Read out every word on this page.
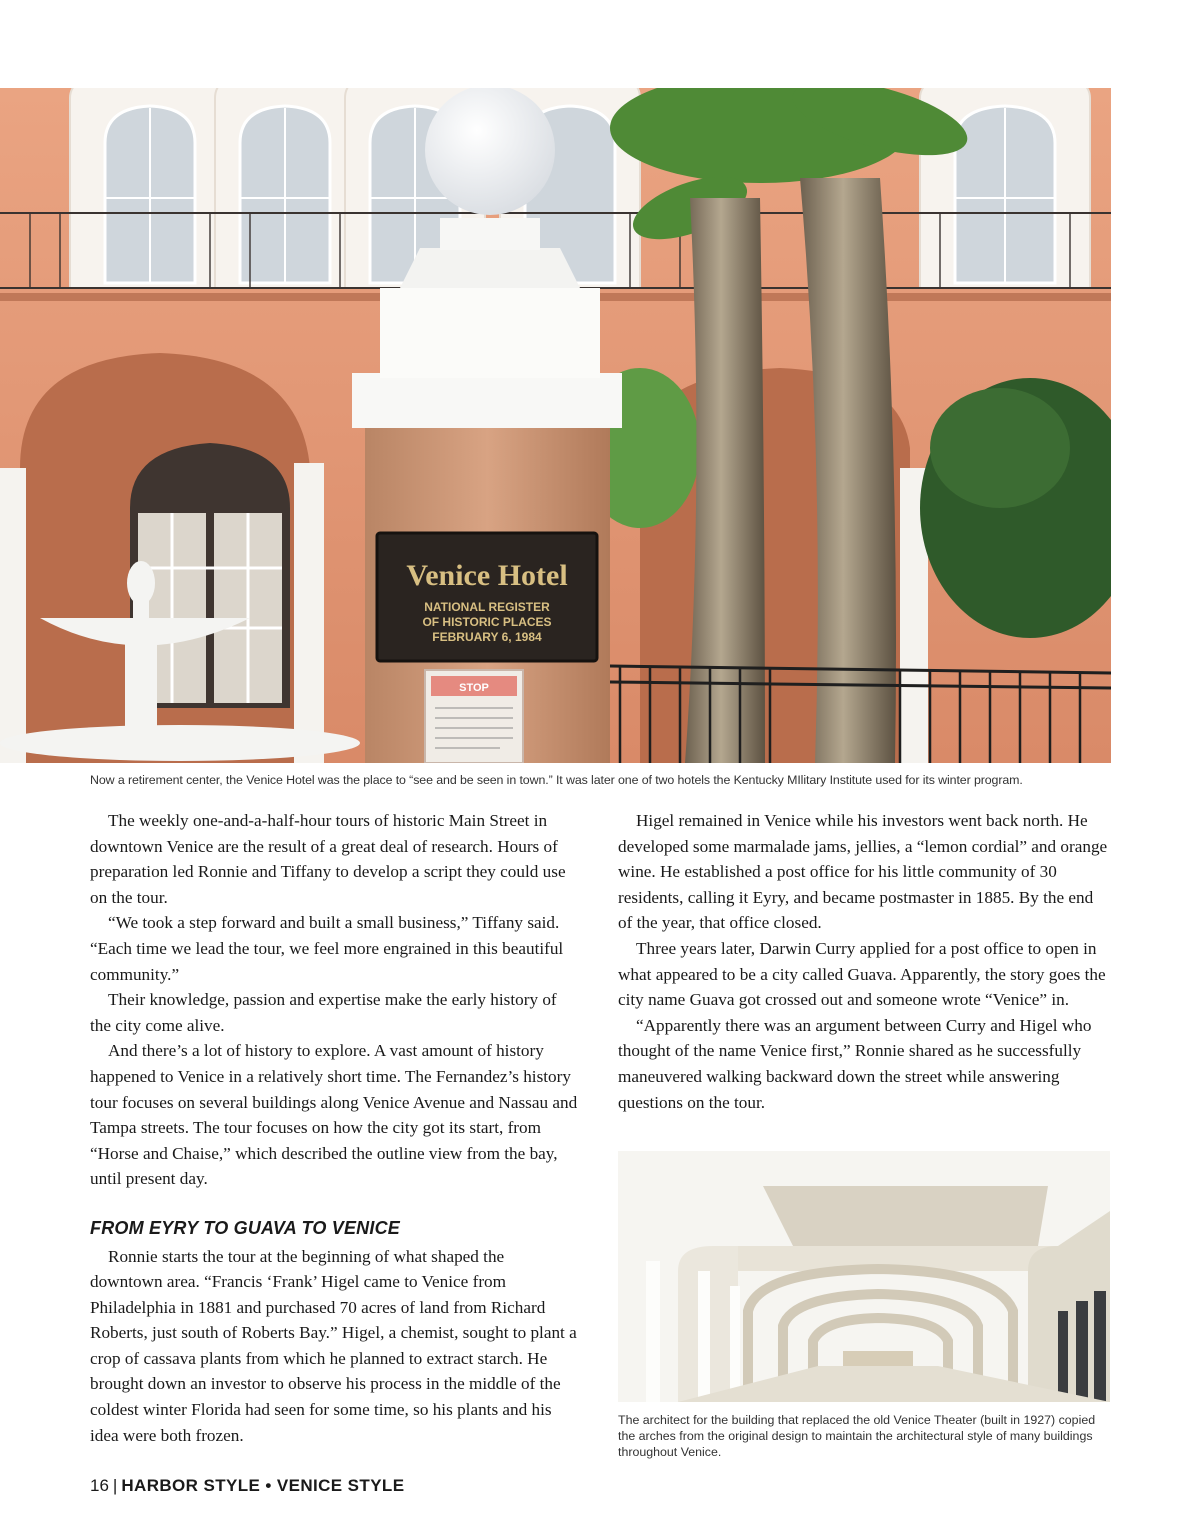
Venice Hotel
NATIONAL REGISTER
OF HISTORIC PLACES
FEBRUARY 6, 1984
STOP
Now a retirement center, the Venice Hotel was the place to “see and be seen in town.” It was later one of two hotels the Kentucky MIlitary Institute used for its winter program.

The weekly one-and-a-half-hour tours of historic Main Street in downtown Venice are the result of a great deal of research. Hours of preparation led Ronnie and Tiffany to develop a script they could use on the tour.

“We took a step forward and built a small business,” Tiffany said. “Each time we lead the tour, we feel more engrained in this beautiful community.”

Their knowledge, passion and expertise make the early history of the city come alive.

And there’s a lot of history to explore. A vast amount of history happened to Venice in a relatively short time. The Fernandez’s history tour focuses on several buildings along Venice Avenue and Nassau and Tampa streets. The tour focuses on how the city got its start, from “Horse and Chaise,” which described the outline view from the bay, until present day.

FROM EYRY TO GUAVA TO VENICE

Ronnie starts the tour at the beginning of what shaped the downtown area. “Francis ‘Frank’ Higel came to Venice from Philadelphia in 1881 and purchased 70 acres of land from Richard Roberts, just south of Roberts Bay.” Higel, a chemist, sought to plant a crop of cassava plants from which he planned to extract starch. He brought down an investor to observe his process in the middle of the coldest winter Florida had seen for some time, so his plants and his idea were both frozen.

Higel remained in Venice while his investors went back north. He developed some marmalade jams, jellies, a “lemon cordial” and orange wine. He established a post office for his little community of 30 residents, calling it Eyry, and became postmaster in 1885. By the end of the year, that office closed.

Three years later, Darwin Curry applied for a post office to open in what appeared to be a city called Guava. Apparently, the story goes the city name Guava got crossed out and someone wrote “Venice” in.

“Apparently there was an argument between Curry and Higel who thought of the name Venice first,” Ronnie shared as he successfully maneuvered walking backward down the street while answering questions on the tour.

The architect for the building that replaced the old Venice Theater (built in 1927) copied the arches from the original design to maintain the architectural style of many buildings throughout Venice.
16 | HARBOR STYLE • VENICE STYLE
